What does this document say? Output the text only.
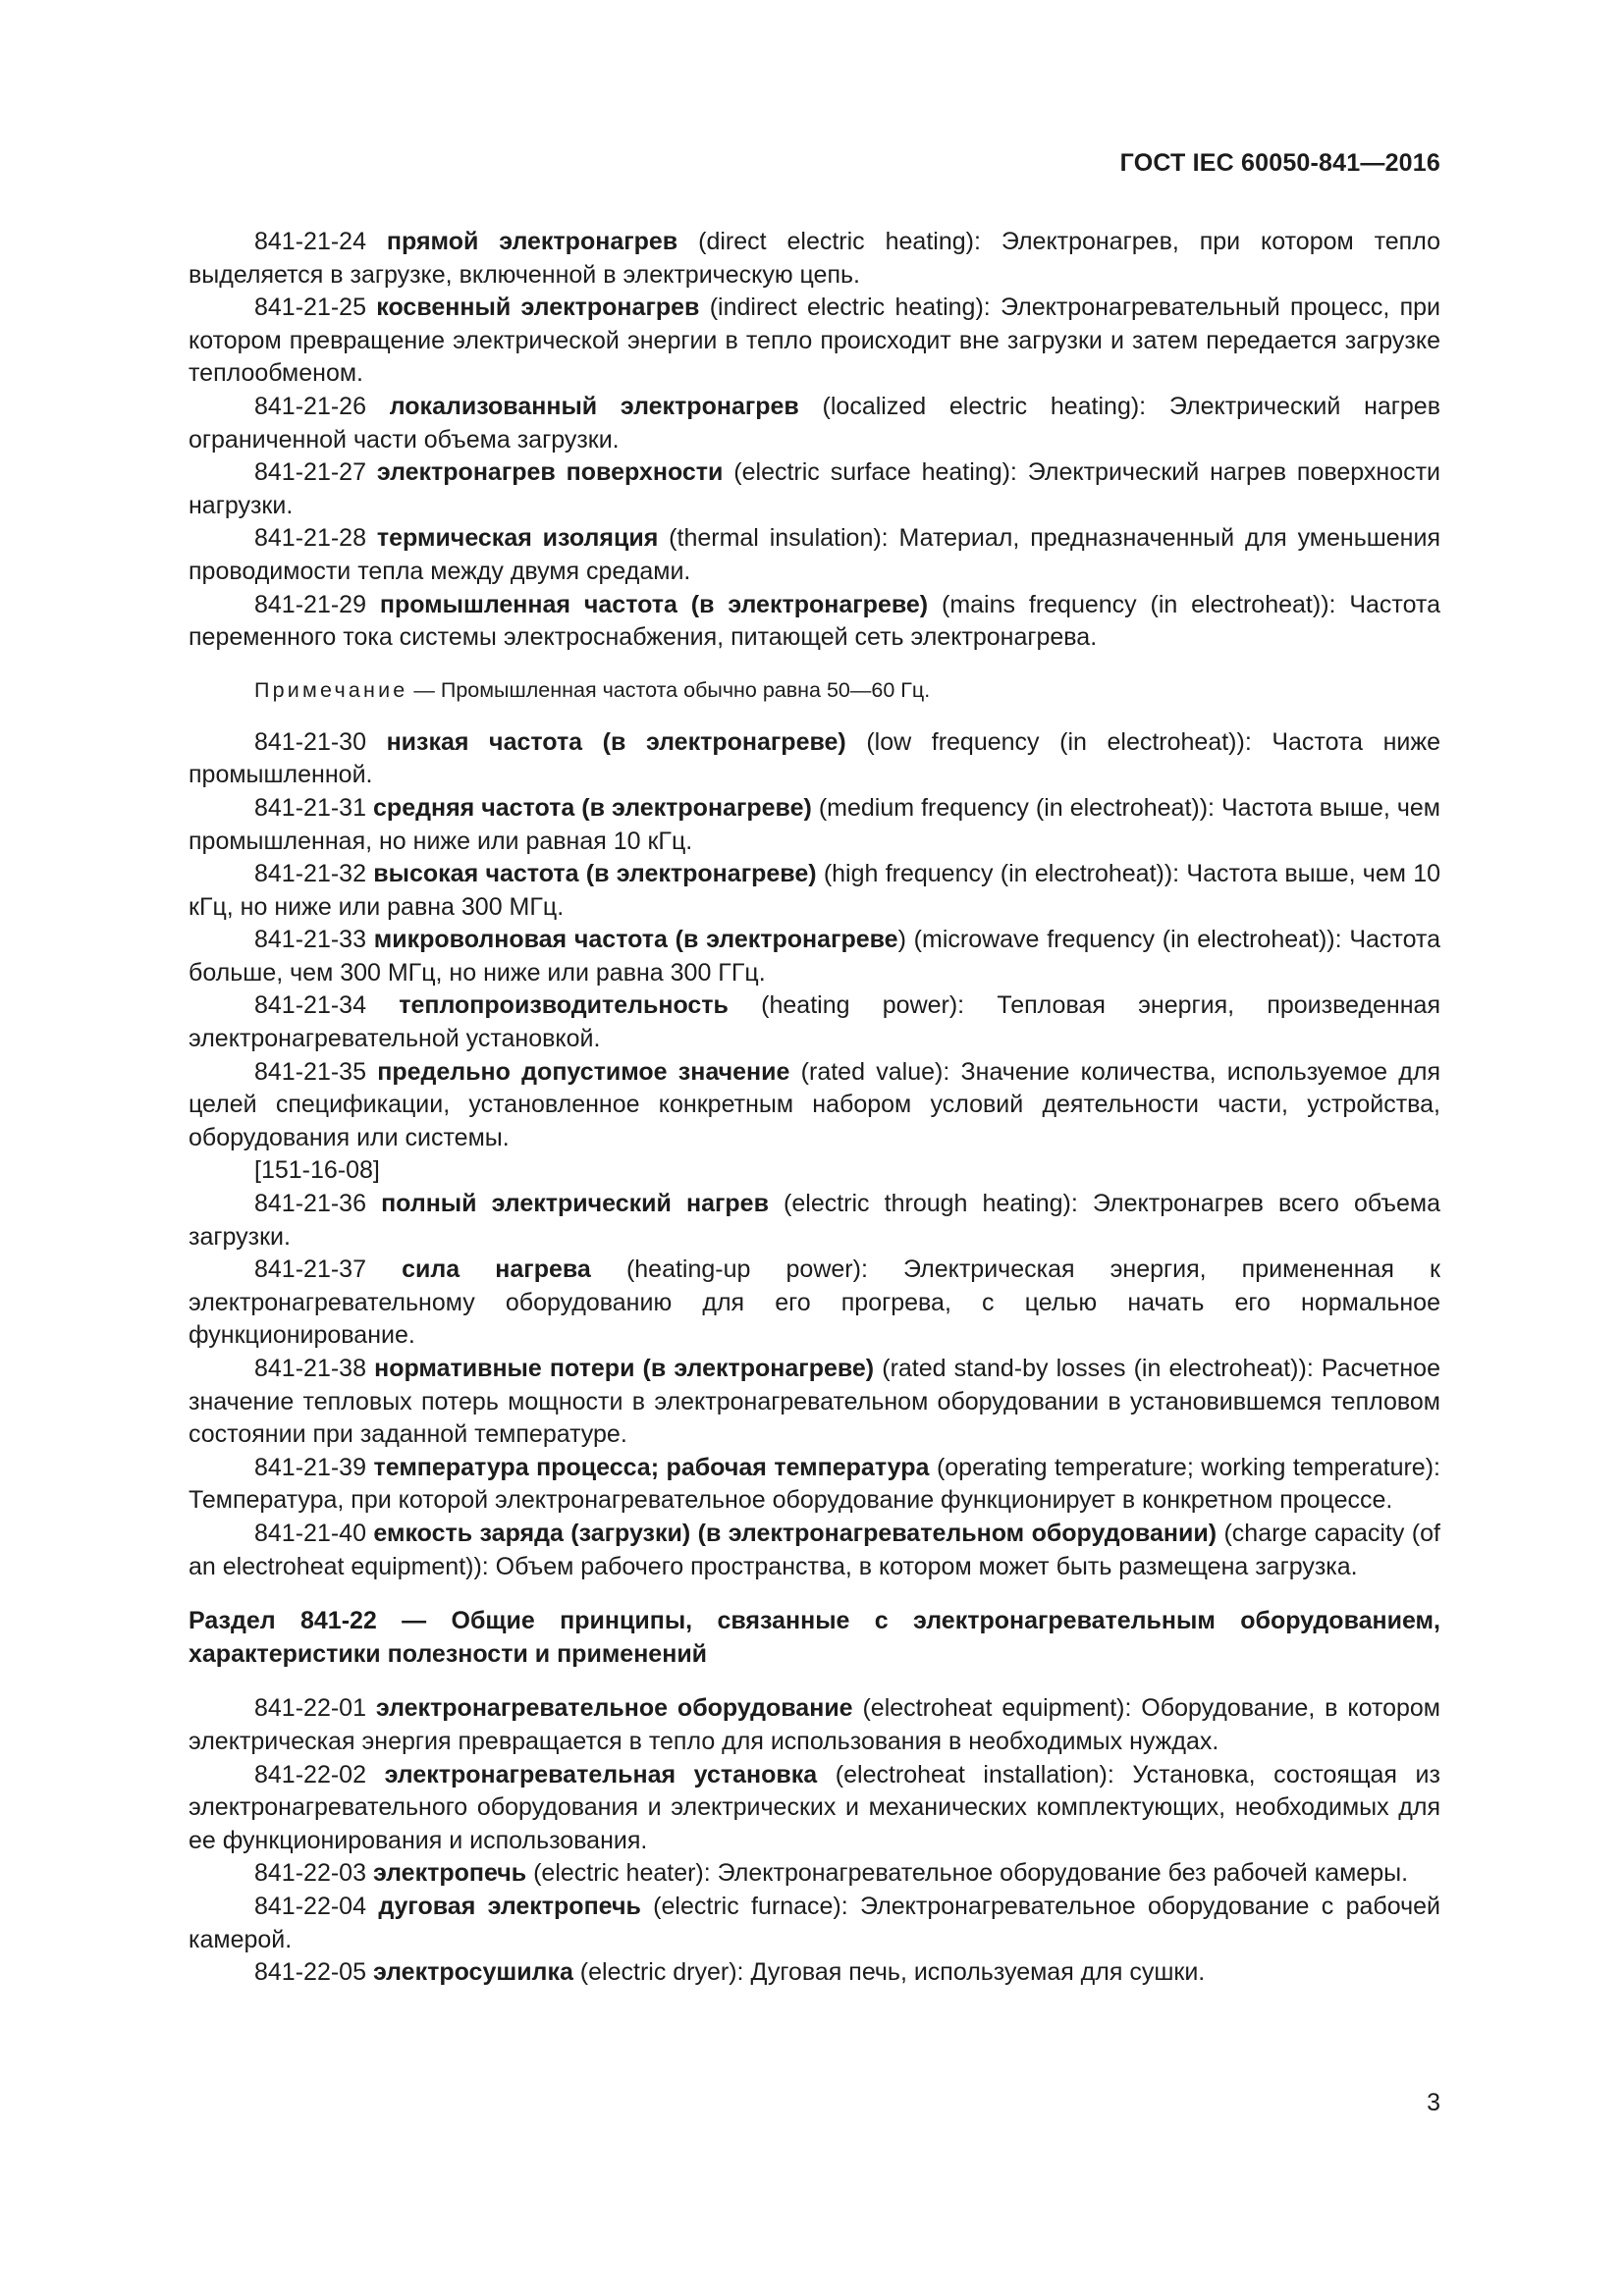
ГОСТ IEC 60050-841—2016

841-21-24 прямой электронагрев (direct electric heating): Электронагрев, при котором тепло выделяется в загрузке, включенной в электрическую цепь.

841-21-25 косвенный электронагрев (indirect electric heating): Электронагревательный процесс, при котором превращение электрической энергии в тепло происходит вне загрузки и затем передается загрузке теплообменом.

841-21-26 локализованный электронагрев (localized electric heating): Электрический нагрев ограниченной части объема загрузки.

841-21-27 электронагрев поверхности (electric surface heating): Электрический нагрев поверхности нагрузки.

841-21-28 термическая изоляция (thermal insulation): Материал, предназначенный для уменьшения проводимости тепла между двумя средами.

841-21-29 промышленная частота (в электронагреве) (mains frequency (in electroheat)): Частота переменного тока системы электроснабжения, питающей сеть электронагрева.

Примечание — Промышленная частота обычно равна 50—60 Гц.

841-21-30 низкая частота (в электронагреве) (low frequency (in electroheat)): Частота ниже промышленной.

841-21-31 средняя частота (в электронагреве) (medium frequency (in electroheat)): Частота выше, чем промышленная, но ниже или равная 10 кГц.

841-21-32 высокая частота (в электронагреве) (high frequency (in electroheat)): Частота выше, чем 10 кГц, но ниже или равна 300 МГц.

841-21-33 микроволновая частота (в электронагреве) (microwave frequency (in electroheat)): Частота больше, чем 300 МГц, но ниже или равна 300 ГГц.

841-21-34 теплопроизводительность (heating power): Тепловая энергия, произведенная электронагревательной установкой.

841-21-35 предельно допустимое значение (rated value): Значение количества, используемое для целей спецификации, установленное конкретным набором условий деятельности части, устройства, оборудования или системы.

[151-16-08]

841-21-36 полный электрический нагрев (electric through heating): Электронагрев всего объема загрузки.

841-21-37 сила нагрева (heating-up power): Электрическая энергия, примененная к электронагревательному оборудованию для его прогрева, с целью начать его нормальное функционирование.

841-21-38 нормативные потери (в электронагреве) (rated stand-by losses (in electroheat)): Расчетное значение тепловых потерь мощности в электронагревательном оборудовании в установившемся тепловом состоянии при заданной температуре.

841-21-39 температура процесса; рабочая температура (operating temperature; working temperature): Температура, при которой электронагревательное оборудование функционирует в конкретном процессе.

841-21-40 емкость заряда (загрузки) (в электронагревательном оборудовании) (charge capacity (of an electroheat equipment)): Объем рабочего пространства, в котором может быть размещена загрузка.

Раздел 841-22 — Общие принципы, связанные с электронагревательным оборудованием, характеристики полезности и применений

841-22-01 электронагревательное оборудование (electroheat equipment): Оборудование, в котором электрическая энергия превращается в тепло для использования в необходимых нуждах.

841-22-02 электронагревательная установка (electroheat installation): Установка, состоящая из электронагревательного оборудования и электрических и механических комплектующих, необходимых для ее функционирования и использования.

841-22-03 электропечь (electric heater): Электронагревательное оборудование без рабочей камеры.

841-22-04 дуговая электропечь (electric furnace): Электронагревательное оборудование с рабочей камерой.

841-22-05 электросушилка (electric dryer): Дуговая печь, используемая для сушки.

3
